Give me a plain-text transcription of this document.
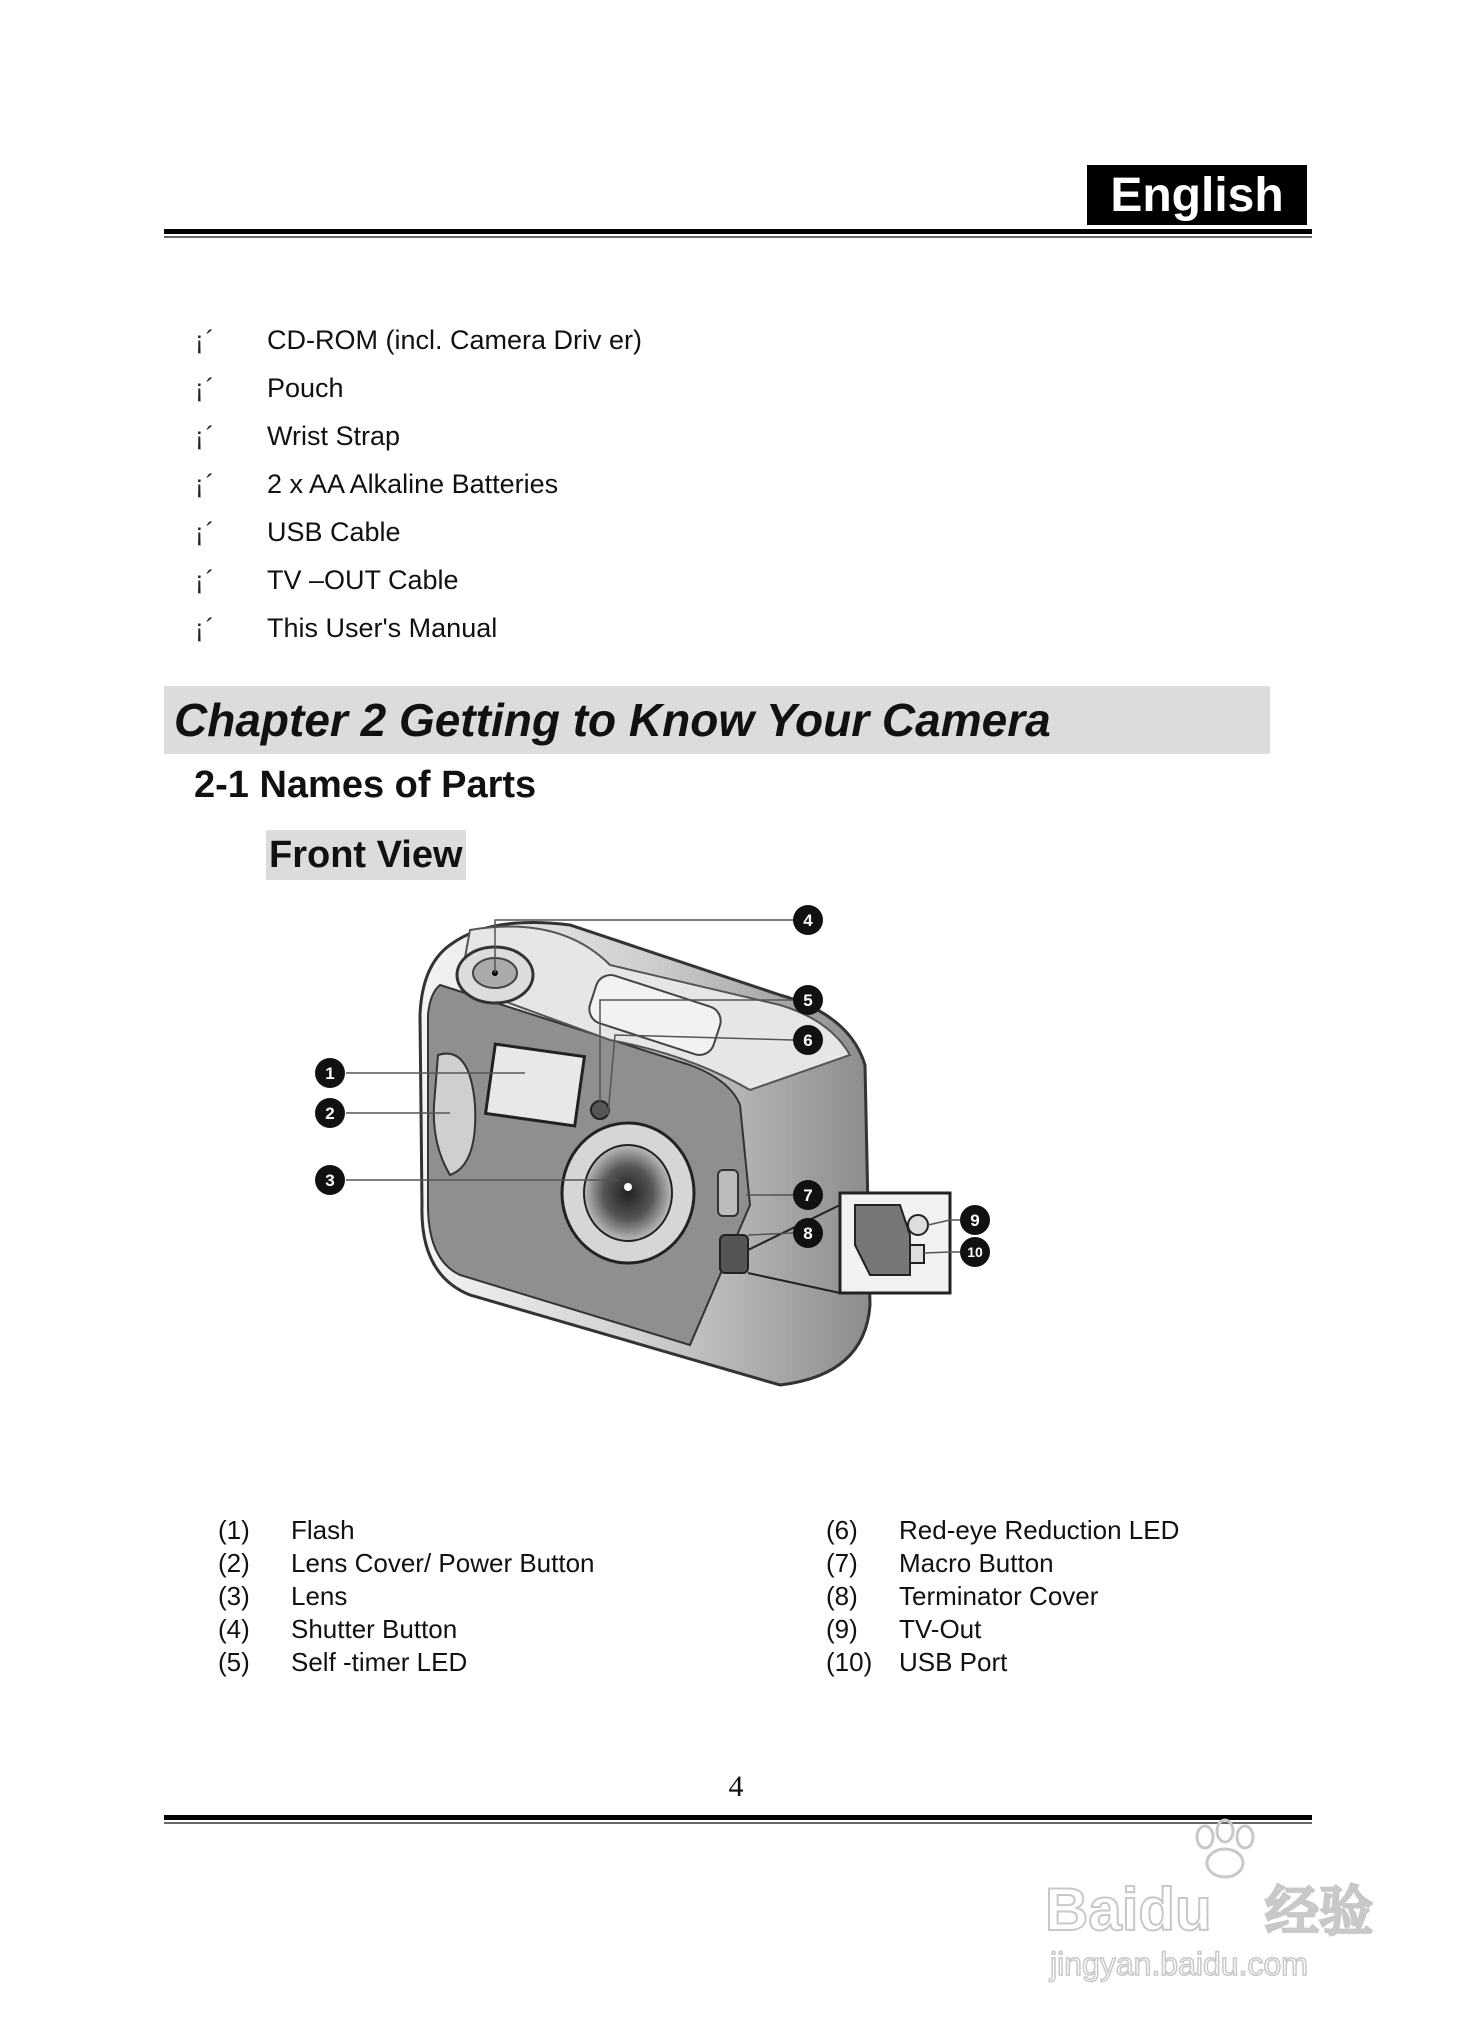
English
¡´	CD-ROM (incl. Camera Driv er)
¡´	Pouch
¡´	Wrist Strap
¡´	2 x AA Alkaline Batteries
¡´	USB Cable
¡´	TV –OUT Cable
¡´	This User's Manual
Chapter 2 Getting to Know Your Camera
2-1 Names of Parts
Front View
4
5
6
1
2
3
7
8
9
10
(1)	Flash
(2)	Lens Cover/ Power Button
(3)	Lens
(4)	Shutter Button
(5)	Self -timer LED
(6)	Red-eye Reduction LED
(7)	Macro Button
(8)	Terminator Cover
(9)	TV-Out
(10)	USB Port
4
Baidu 经验
jingyan.baidu.com
